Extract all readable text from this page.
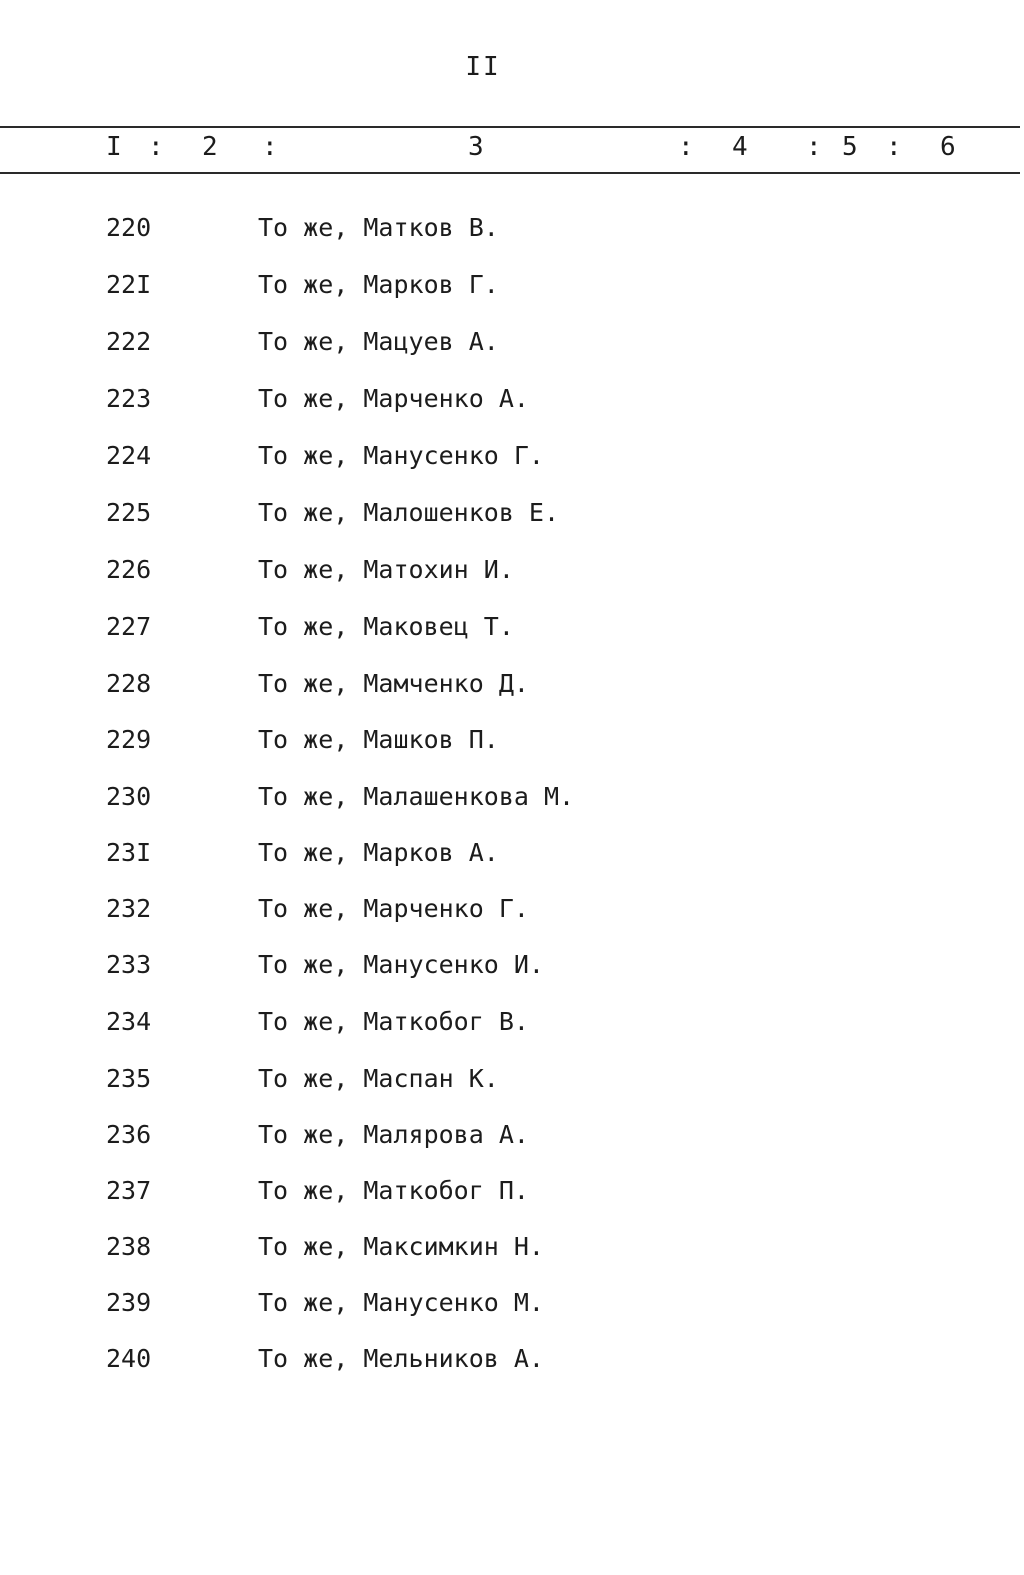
II
I : 2 :	3	: 4 : 5 : 6
220	То же, Матков В.
22I	То же, Марков Г.
222	То же, Мацуев А.
223	То же, Марченко А.
224	То же, Манусенко Г.
225	То же, Малошенков Е.
226	То же, Матохин И.
227	То же, Маковец Т.
228	То же, Мамченко Д.
229	То же, Машков П.
230	То же, Малашенкова М.
23I	То же, Марков А.
232	То же, Марченко Г.
233	То же, Манусенко И.
234	То же, Маткобог В.
235	То же, Маспан К.
236	То же, Малярова А.
237	То же, Маткобог П.
238	То же, Максимкин Н.
239	То же, Манусенко М.
240	То же, Мельников А.
